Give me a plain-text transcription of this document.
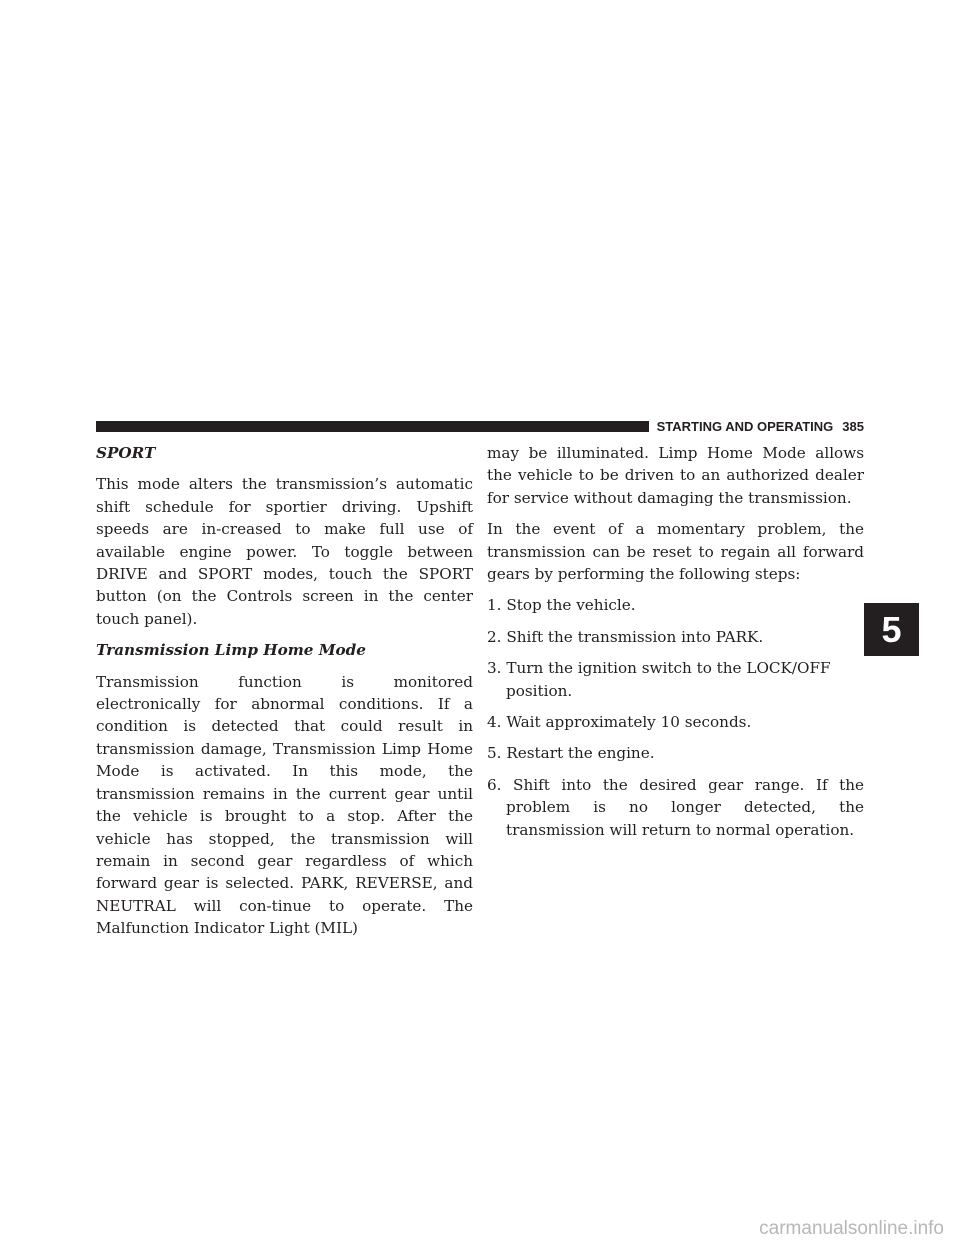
STARTING AND OPERATING 385
SPORT

This mode alters the transmission’s automatic shift schedule for sportier driving. Upshift speeds are in-creased to make full use of available engine power. To toggle between DRIVE and SPORT modes, touch the SPORT button (on the Controls screen in the center touch panel).

Transmission Limp Home Mode

Transmission function is monitored electronically for abnormal conditions. If a condition is detected that could result in transmission damage, Transmission Limp Home Mode is activated. In this mode, the transmission remains in the current gear until the vehicle is brought to a stop. After the vehicle has stopped, the transmission will remain in second gear regardless of which forward gear is selected. PARK, REVERSE, and NEUTRAL will con-tinue to operate. The Malfunction Indicator Light (MIL)

may be illuminated. Limp Home Mode allows the vehicle to be driven to an authorized dealer for service without damaging the transmission.

In the event of a momentary problem, the transmission can be reset to regain all forward gears by performing the following steps:

1. Stop the vehicle.
2. Shift the transmission into PARK.
3. Turn the ignition switch to the LOCK/OFF position.
4. Wait approximately 10 seconds.
5. Restart the engine.
6. Shift into the desired gear range. If the problem is no longer detected, the transmission will return to normal operation.
5
carmanualsonline.info
